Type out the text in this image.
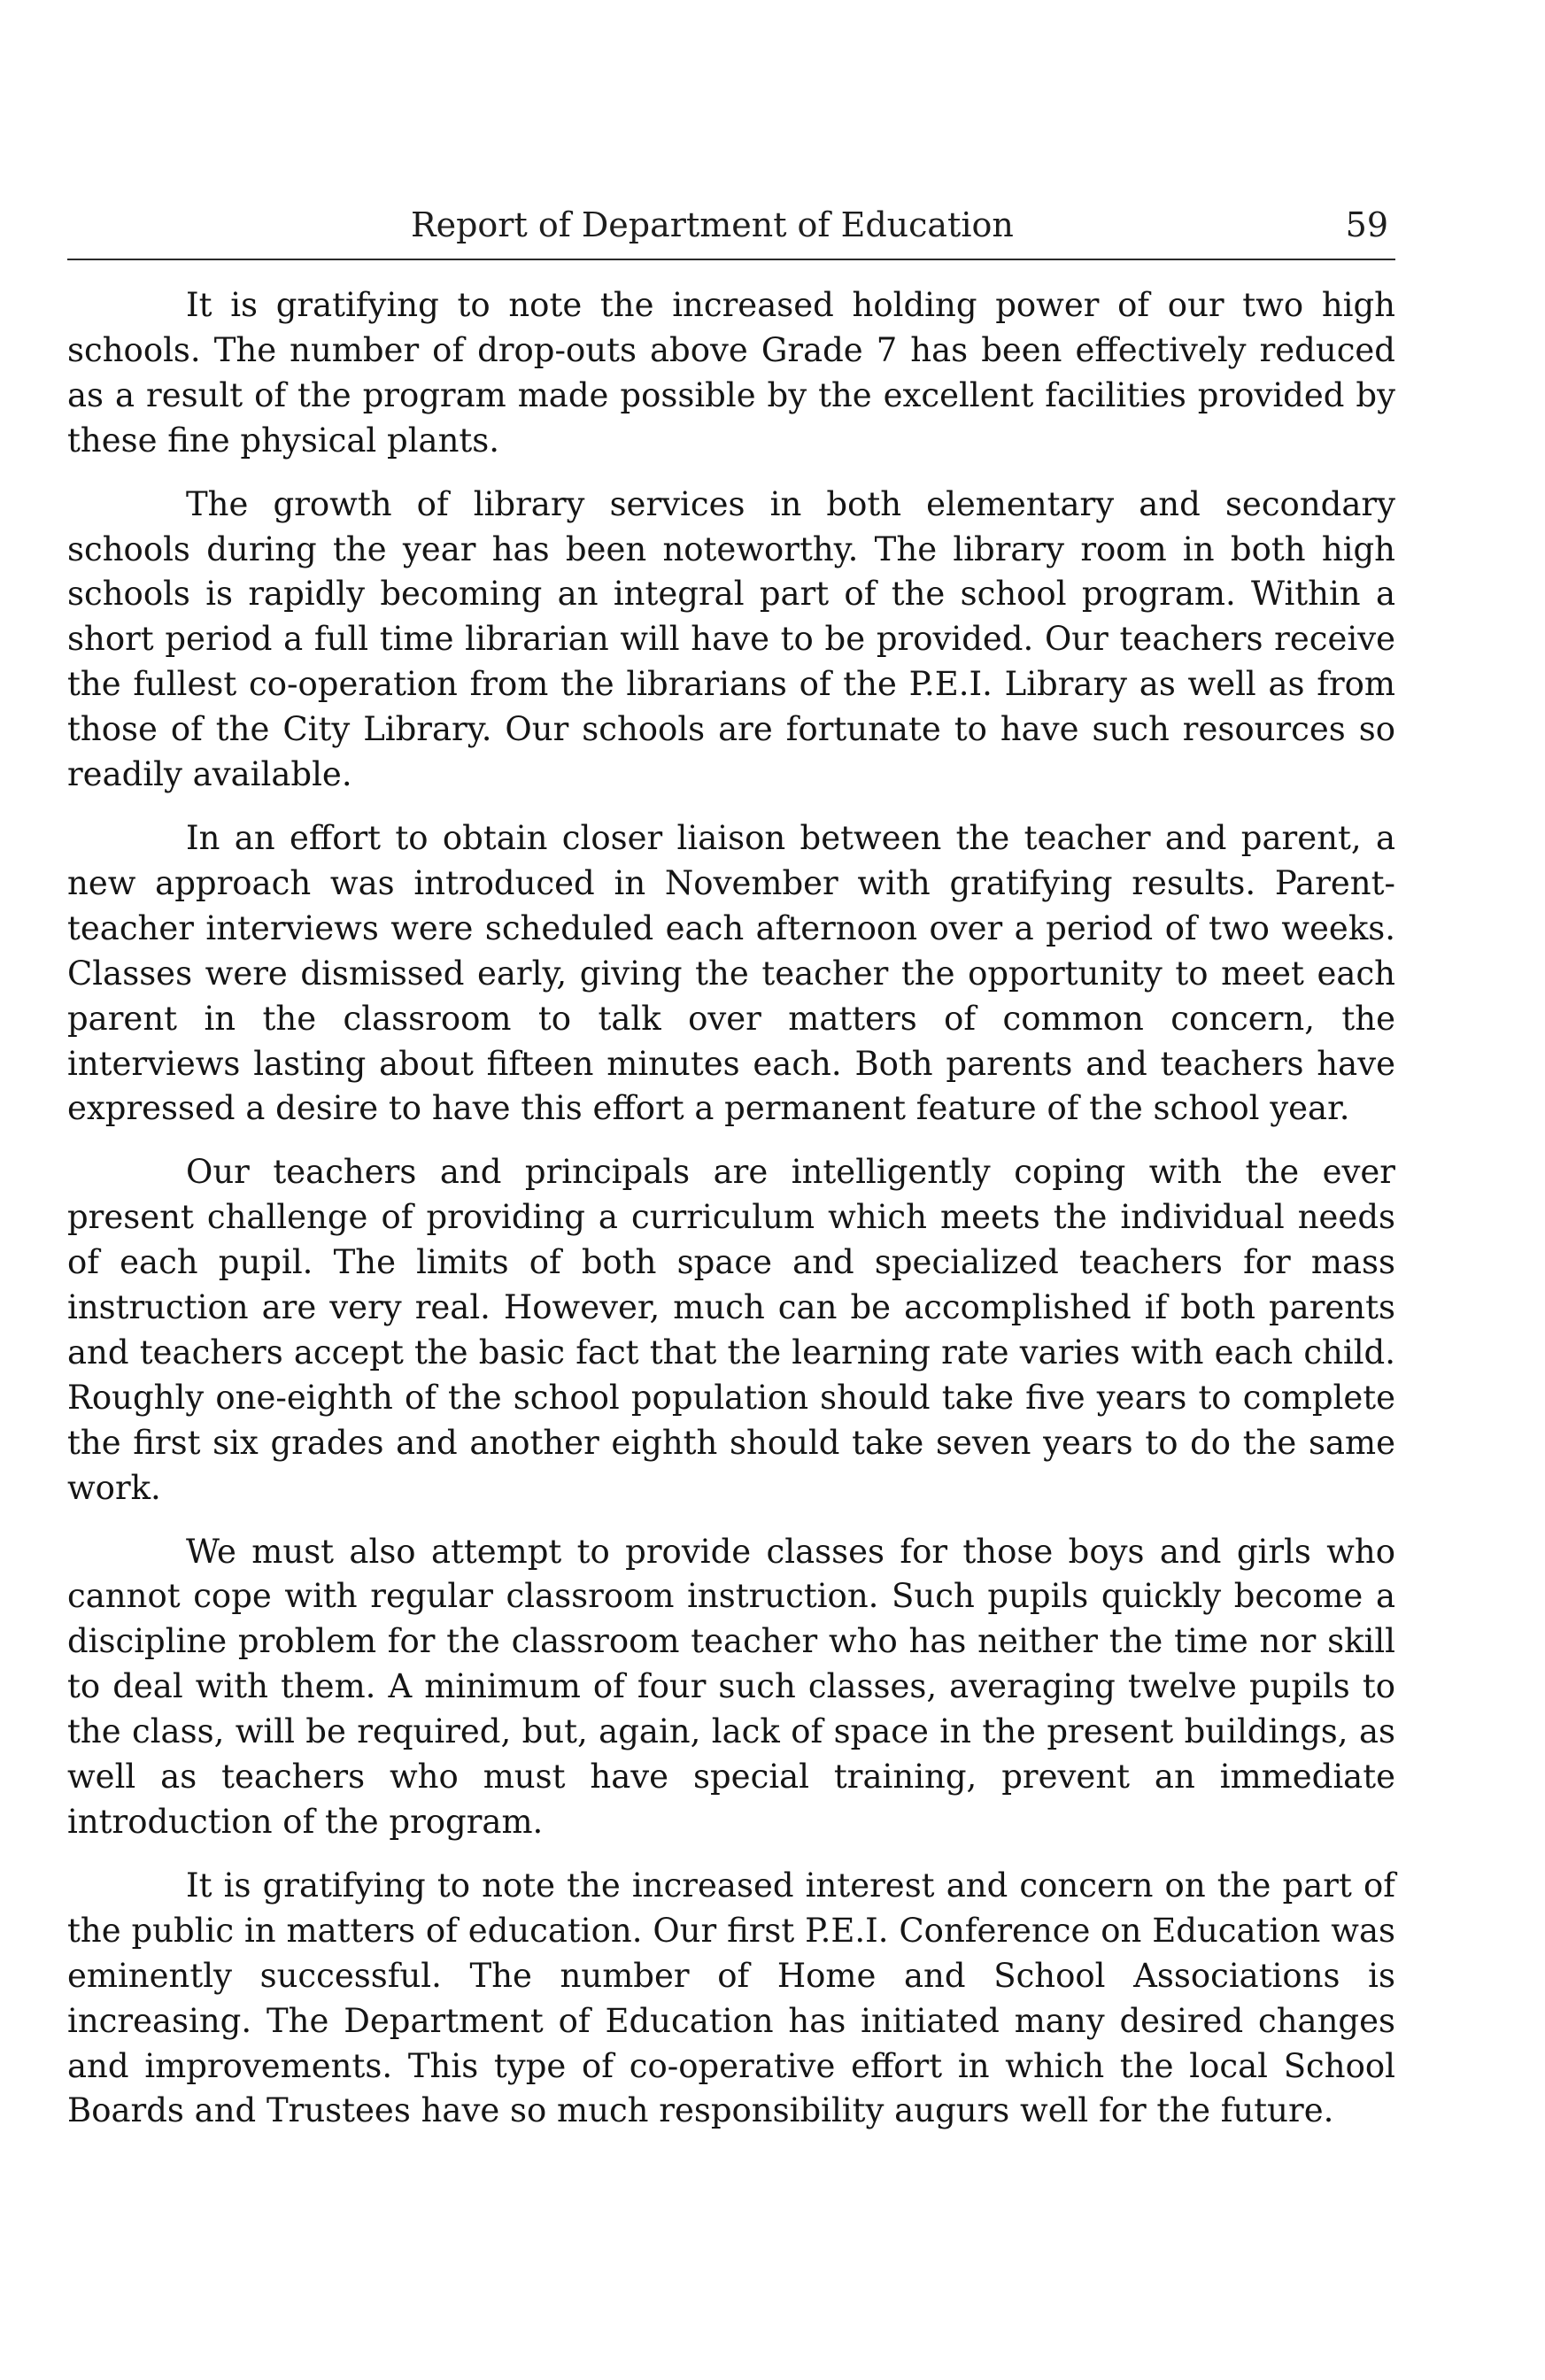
Report of Department of Education	59

It is gratifying to note the increased holding power of our two high schools. The number of drop-outs above Grade 7 has been effectively reduced as a result of the program made possible by the excellent facilities provided by these fine physical plants.

The growth of library services in both elementary and secondary schools during the year has been noteworthy. The library room in both high schools is rapidly becoming an integral part of the school program. Within a short period a full time librarian will have to be provided. Our teachers receive the fullest co-operation from the librarians of the P.E.I. Library as well as from those of the City Library. Our schools are fortunate to have such resources so readily available.

In an effort to obtain closer liaison between the teacher and parent, a new approach was introduced in November with gratifying results. Parent-teacher interviews were scheduled each afternoon over a period of two weeks. Classes were dismissed early, giving the teacher the opportunity to meet each parent in the classroom to talk over matters of common concern, the interviews lasting about fifteen minutes each. Both parents and teachers have expressed a desire to have this effort a permanent feature of the school year.

Our teachers and principals are intelligently coping with the ever present challenge of providing a curriculum which meets the individual needs of each pupil. The limits of both space and specialized teachers for mass instruction are very real. However, much can be accomplished if both parents and teachers accept the basic fact that the learning rate varies with each child. Roughly one-eighth of the school population should take five years to complete the first six grades and another eighth should take seven years to do the same work.

We must also attempt to provide classes for those boys and girls who cannot cope with regular classroom instruction. Such pupils quickly become a discipline problem for the classroom teacher who has neither the time nor skill to deal with them. A minimum of four such classes, averaging twelve pupils to the class, will be required, but, again, lack of space in the present buildings, as well as teachers who must have special training, prevent an immediate introduction of the program.

It is gratifying to note the increased interest and concern on the part of the public in matters of education. Our first P.E.I. Conference on Education was eminently successful. The number of Home and School Associations is increasing. The Department of Education has initiated many desired changes and improvements. This type of co-operative effort in which the local School Boards and Trustees have so much responsibility augurs well for the future.
